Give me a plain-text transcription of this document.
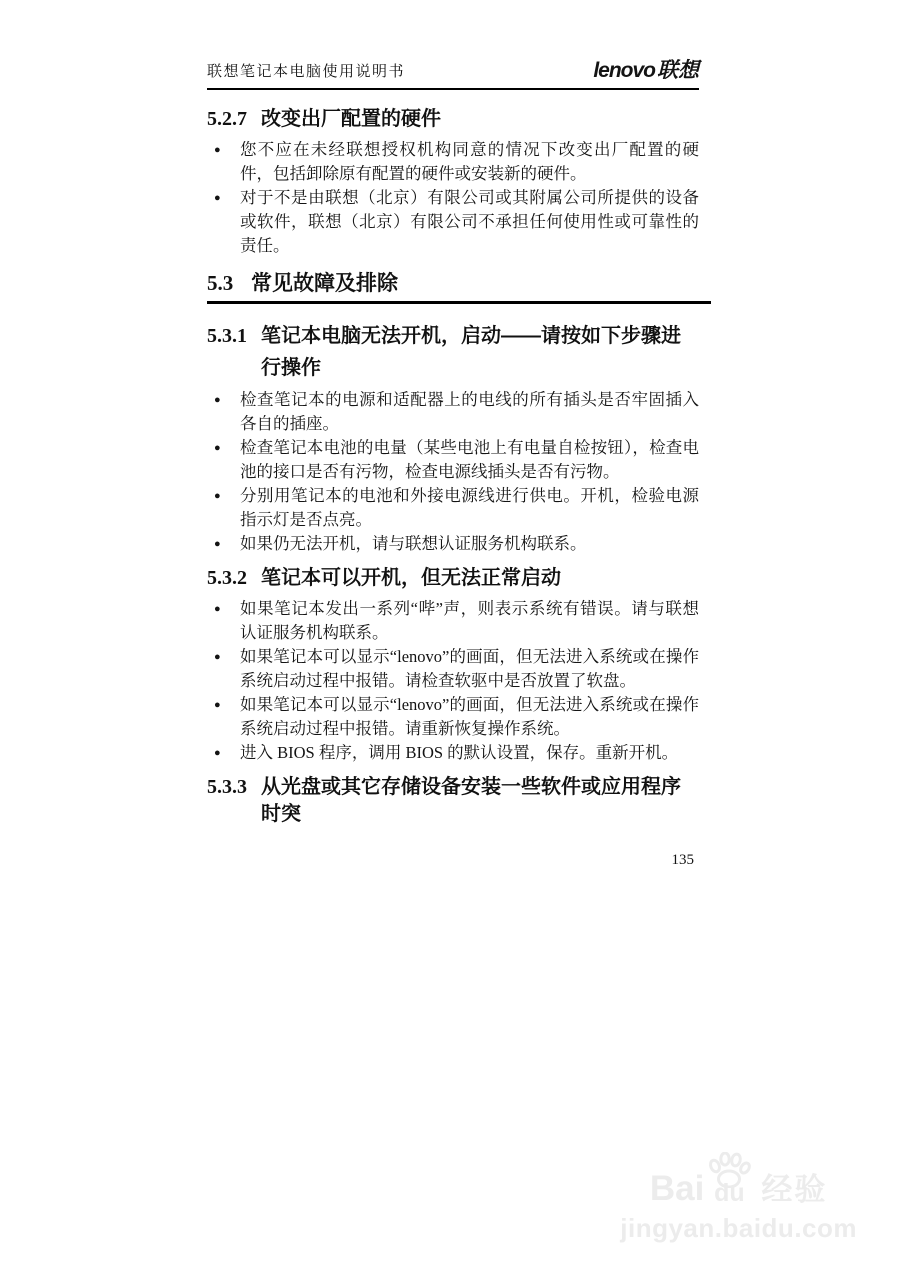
联想笔记本电脑使用说明书	lenovo联想
5.2.7 改变出厂配置的硬件
●	您不应在未经联想授权机构同意的情况下改变出厂配置的硬件，包括卸除原有配置的硬件或安装新的硬件。
●	对于不是由联想（北京）有限公司或其附属公司所提供的设备或软件，联想（北京）有限公司不承担任何使用性或可靠性的责任。
5.3 常见故障及排除
5.3.1 笔记本电脑无法开机，启动——请按如下步骤进行操作
●	检查笔记本的电源和适配器上的电线的所有插头是否牢固插入各自的插座。
●	检查笔记本电池的电量（某些电池上有电量自检按钮），检查电池的接口是否有污物，检查电源线插头是否有污物。
●	分别用笔记本的电池和外接电源线进行供电。开机，检验电源指示灯是否点亮。
●	如果仍无法开机，请与联想认证服务机构联系。
5.3.2 笔记本可以开机，但无法正常启动
●	如果笔记本发出一系列“哔”声，则表示系统有错误。请与联想认证服务机构联系。
●	如果笔记本可以显示“lenovo”的画面，但无法进入系统或在操作系统启动过程中报错。请检查软驱中是否放置了软盘。
●	如果笔记本可以显示“lenovo”的画面，但无法进入系统或在操作系统启动过程中报错。请重新恢复操作系统。
●	进入 BIOS 程序，调用 BIOS 的默认设置，保存。重新开机。
5.3.3 从光盘或其它存储设备安装一些软件或应用程序时突
135
Bai du 经验
jingyan.baidu.com
